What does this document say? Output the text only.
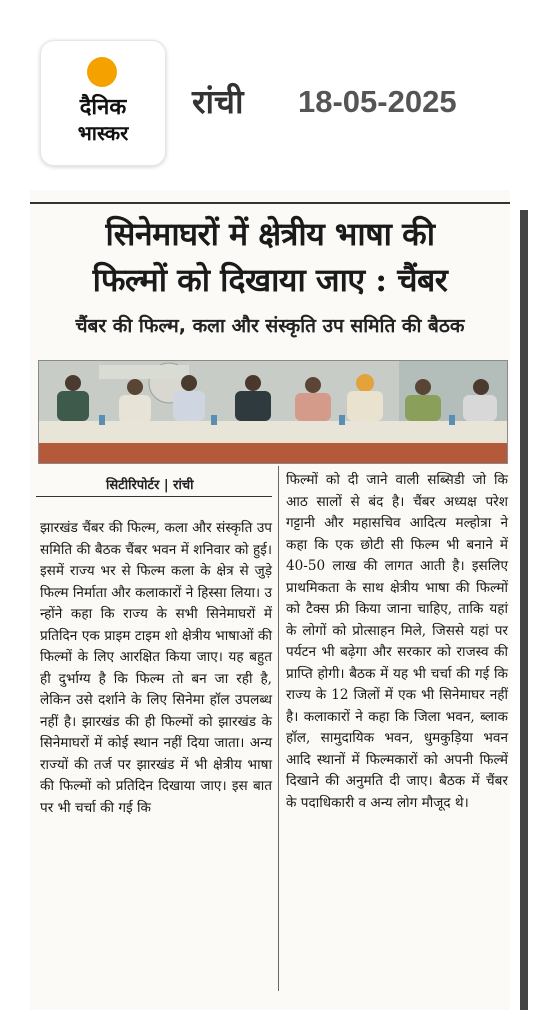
दैनिक
भास्कर
रांची 18-05-2025
सिनेमाघरों में क्षेत्रीय भाषा की
फिल्मों को दिखाया जाए : चैंबर
चैंबर की फिल्म, कला और संस्कृति उप समिति की बैठक
सिटीरिपोर्टर | रांची

झारखंड चैंबर की फिल्म, कला और संस्कृति उप समिति की बैठक चैंबर भवन में शनिवार को हुई। इसमें राज्य भर से फिल्म कला के क्षेत्र से जुड़े फिल्म निर्माता और कलाकारों ने हिस्सा लिया। उ न्होंने कहा कि राज्य के सभी सिनेमाघरों में प्रतिदिन एक प्राइम टाइम शो क्षेत्रीय भाषाओं की फिल्मों के लिए आरक्षित किया जाए। यह बहुत ही दुर्भाग्य है कि फिल्म तो बन जा रही है, लेकिन उसे दर्शाने के लिए सिनेमा हॉल उपलब्ध नहीं है। झारखंड की ही फिल्मों को झारखंड के सिनेमाघरों में कोई स्थान नहीं दिया जाता। अन्य राज्यों की तर्ज पर झारखंड में भी क्षेत्रीय भाषा की फिल्मों को प्रतिदिन दिखाया जाए। इस बात पर भी चर्चा की गई कि

फिल्मों को दी जाने वाली सब्सिडी जो कि आठ सालों से बंद है। चैंबर अध्यक्ष परेश गट्टानी और महासचिव आदित्य मल्होत्रा ने कहा कि एक छोटी सी फिल्म भी बनाने में 40-50 लाख की लागत आती है। इसलिए प्राथमिकता के साथ क्षेत्रीय भाषा की फिल्मों को टैक्स फ्री किया जाना चाहिए, ताकि यहां के लोगों को प्रोत्साहन मिले, जिससे यहां पर पर्यटन भी बढ़ेगा और सरकार को राजस्व की प्राप्ति होगी। बैठक में यह भी चर्चा की गई कि राज्य के 12 जिलों में एक भी सिनेमाघर नहीं है। कलाकारों ने कहा कि जिला भवन, ब्लाक हॉल, सामुदायिक भवन, धुमकुड़िया भवन आदि स्थानों में फिल्मकारों को अपनी फिल्में दिखाने की अनुमति दी जाए। बैठक में चैंबर के पदाधिकारी व अन्य लोग मौजूद थे।
